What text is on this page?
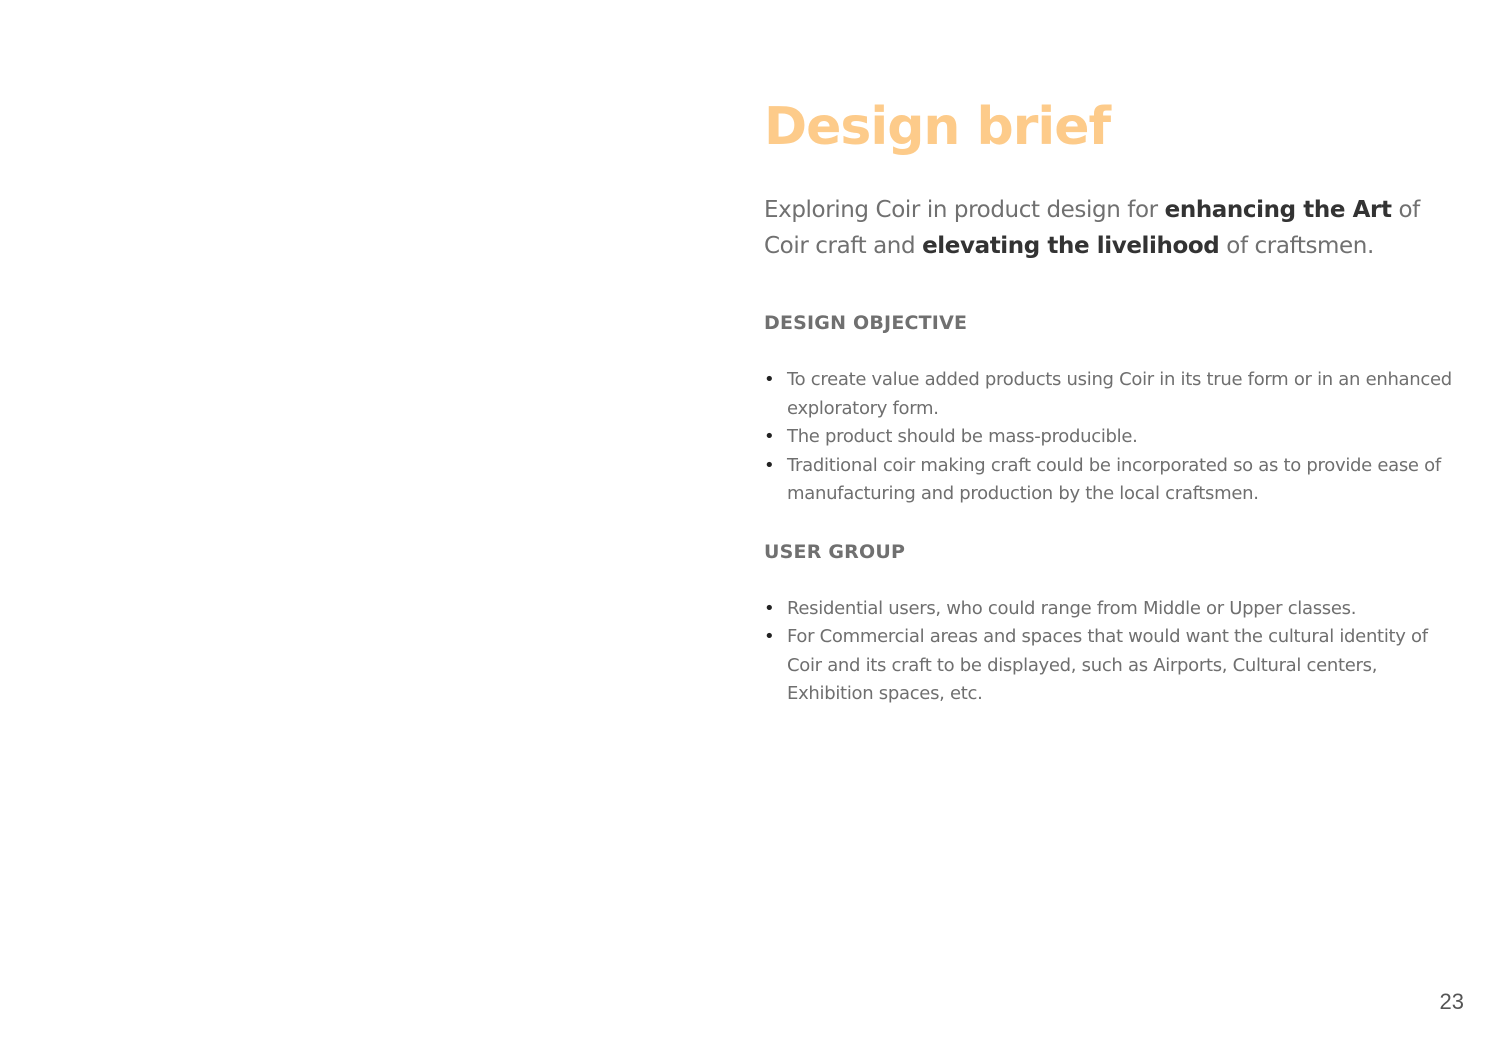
Design brief

Exploring Coir in product design for enhancing the Art of Coir craft and elevating the livelihood of craftsmen.

DESIGN OBJECTIVE
• To create value added products using Coir in its true form or in an enhanced exploratory form.
• The product should be mass-producible.
• Traditional coir making craft could be incorporated so as to provide ease of manufacturing and production by the local craftsmen.
USER GROUP
• Residential users, who could range from Middle or Upper classes.
• For Commercial areas and spaces that would want the cultural identity of Coir and its craft to be displayed, such as Airports, Cultural centers, Exhibition spaces, etc.
23
